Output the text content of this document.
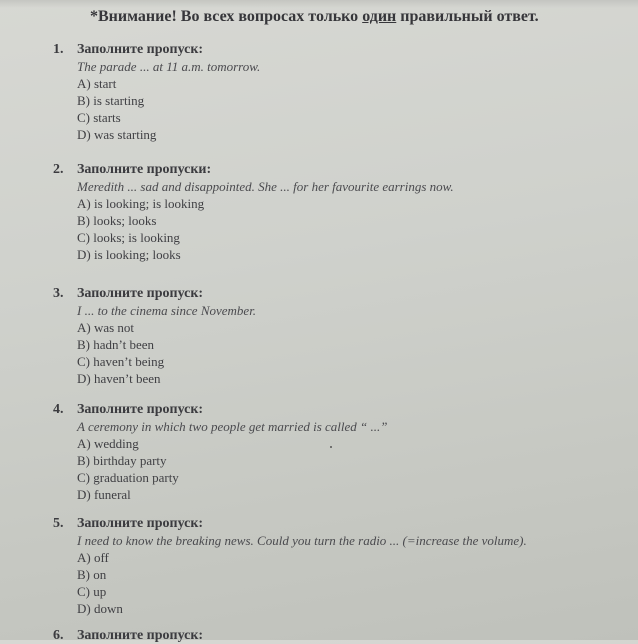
*Внимание! Во всех вопросах только один правильный ответ.
1. Заполните пропуск:
The parade ... at 11 a.m. tomorrow.
A) start
B) is starting
C) starts
D) was starting
2. Заполните пропуски:
Meredith ... sad and disappointed. She ... for her favourite earrings now.
A) is looking; is looking
B) looks; looks
C) looks; is looking
D) is looking; looks
3. Заполните пропуск:
I ... to the cinema since November.
A) was not
B) hadn’t been
C) haven’t being
D) haven’t been
4. Заполните пропуск:
A ceremony in which two people get married is called “ ...”
A) wedding
B) birthday party
C) graduation party
D) funeral
5. Заполните пропуск:
I need to know the breaking news. Could you turn the radio ... (=increase the volume).
A) off
B) on
C) up
D) down
6. Заполните пропуск:
